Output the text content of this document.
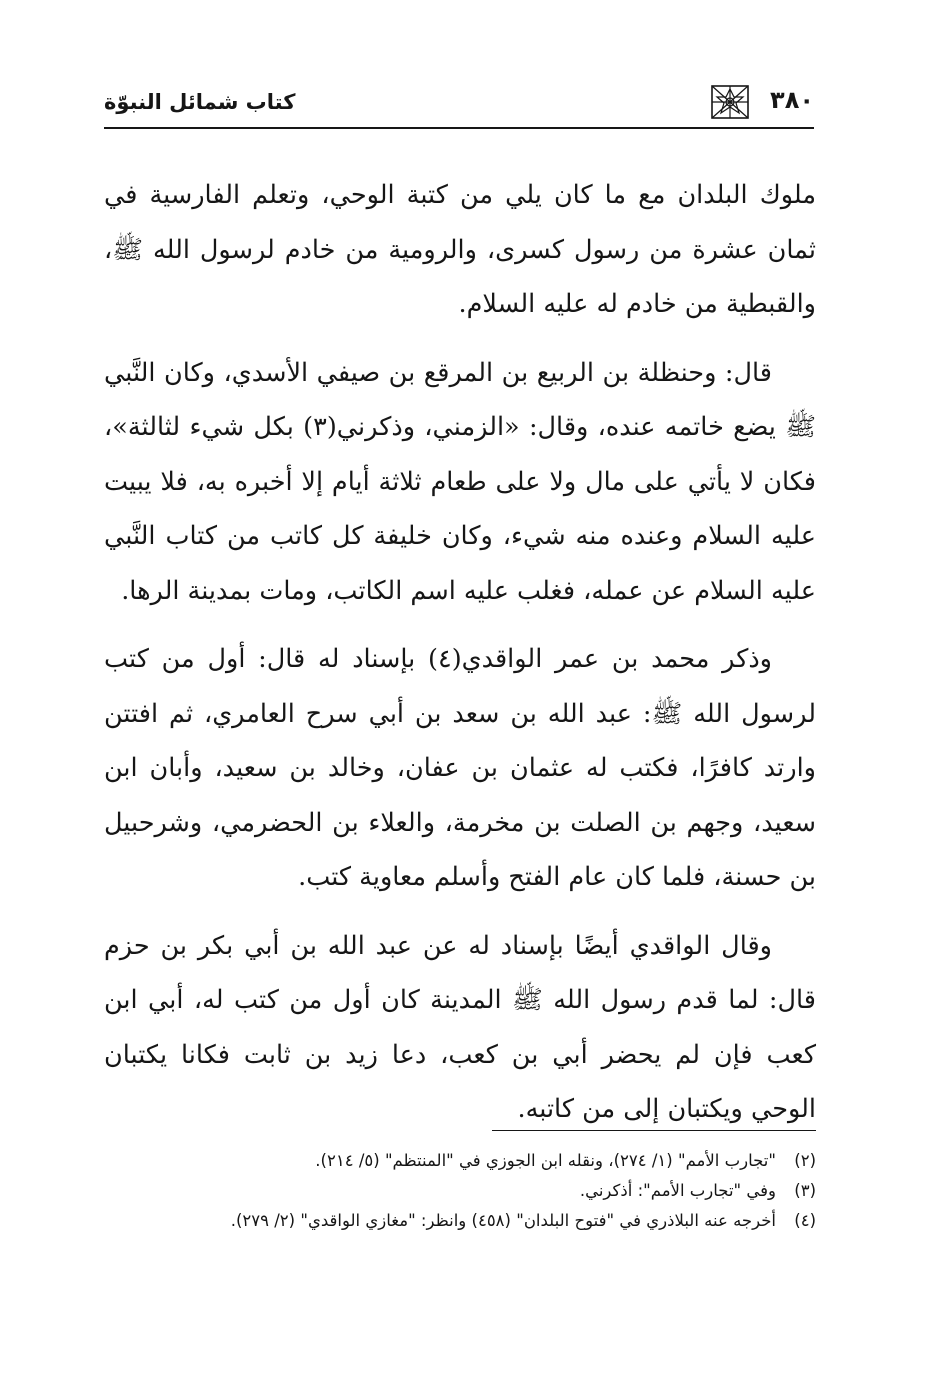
٣٨٠
كتاب شمائل النبوّة

ملوك البلدان مع ما كان يلي من كتبة الوحي، وتعلم الفارسية في ثمان عشرة من رسول كسرى، والرومية من خادم لرسول الله ﷺ، والقبطية من خادم له عليه السلام.

قال: وحنظلة بن الربيع بن المرقع بن صيفي الأسدي، وكان النَّبي ﷺ يضع خاتمه عنده، وقال: «الزمني، وذكرني(٣) بكل شيء لثالثة»، فكان لا يأتي على مال ولا على طعام ثلاثة أيام إلا أخبره به، فلا يبيت عليه السلام وعنده منه شيء، وكان خليفة كل كاتب من كتاب النَّبي عليه السلام عن عمله، فغلب عليه اسم الكاتب، ومات بمدينة الرها.

وذكر محمد بن عمر الواقدي(٤) بإسناد له قال: أول من كتب لرسول الله ﷺ: عبد الله بن سعد بن أبي سرح العامري، ثم افتتن وارتد كافرًا، فكتب له عثمان بن عفان، وخالد بن سعيد، وأبان ابن سعيد، وجهم بن الصلت بن مخرمة، والعلاء بن الحضرمي، وشرحبيل بن حسنة، فلما كان عام الفتح وأسلم معاوية كتب.

وقال الواقدي أيضًا بإسناد له عن عبد الله بن أبي بكر بن حزم قال: لما قدم رسول الله ﷺ المدينة كان أول من كتب له، أبي ابن كعب فإن لم يحضر أبي بن كعب، دعا زيد بن ثابت فكانا يكتبان الوحي ويكتبان إلى من كاتبه.

(٢)
"تجارب الأمم" (١/ ٢٧٤)، ونقله ابن الجوزي في "المنتظم" (٥/ ٢١٤).
(٣)
وفي "تجارب الأمم": أذكرني.
(٤)
أخرجه عنه البلاذري في "فتوح البلدان" (٤٥٨) وانظر: "مغازي الواقدي" (٢/ ٢٧٩).
